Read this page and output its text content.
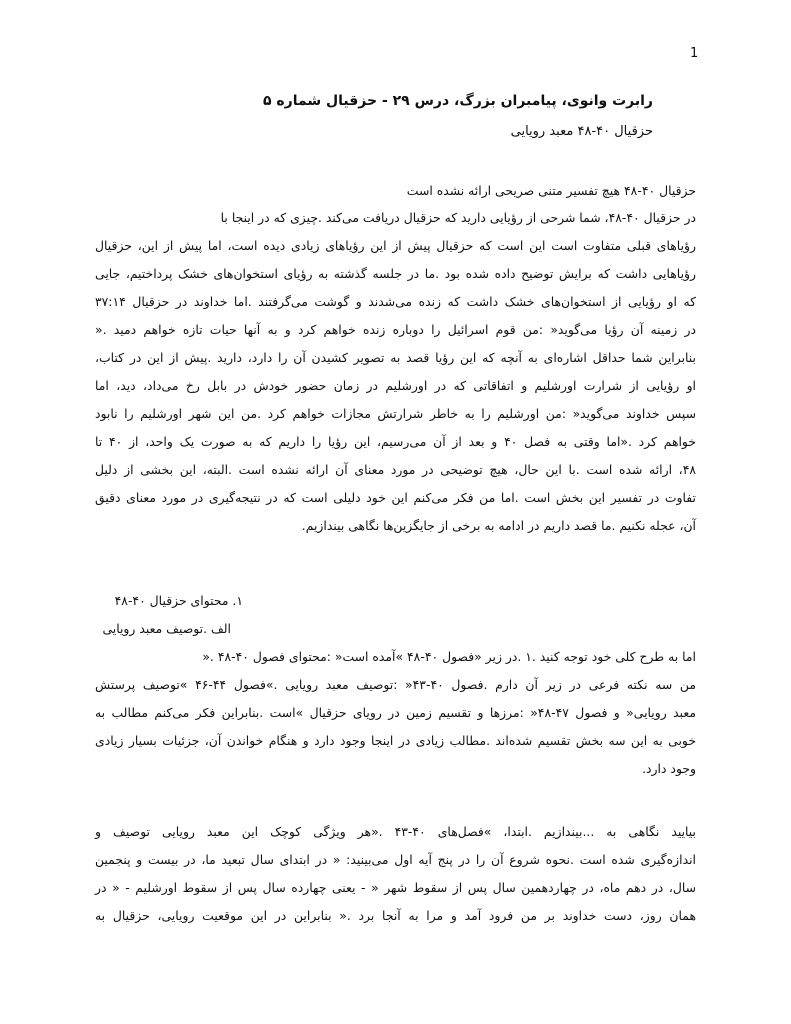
1
رابرت وانوی، پیامبران بزرگ، درس ۲۹ - حزقیال شماره ۵
حزقیال ۴۰-۴۸ معبد رویایی
حزقیال ۴۰-۴۸ هیچ تفسیر متنی صریحی ارائه نشده است
در حزقیال ۴۰-۴۸، شما شرحی از رؤیایی دارید که حزقیال دریافت می‌کند .چیزی که در اینجا با
رؤیاهای قبلی متفاوت است این است که حزقیال پیش از این رؤیاهای زیادی دیده است، اما پیش از این، حزقیال
رؤیاهایی داشت که برایش توضیح داده شده بود .ما در جلسه گذشته به رؤیای استخوان‌های خشک پرداختیم، جایی
که او رؤیایی از استخوان‌های خشک داشت که زنده می‌شدند و گوشت می‌گرفتند .اما خداوند در حزقیال ۳۷:۱۴
در زمینه آن رؤیا می‌گوید« :من قوم اسرائیل را دوباره زنده خواهم کرد و به آنها حیات تازه خواهم دمید .«
بنابراین شما حداقل اشاره‌ای به آنچه که این رؤیا قصد به تصویر کشیدن آن را دارد، دارید .پیش از این در کتاب،
او رؤیایی از شرارت اورشلیم و اتفاقاتی که در اورشلیم در زمان حضور خودش در بابل رخ می‌داد، دید، اما
سپس خداوند می‌گوید« :من اورشلیم را به خاطر شرارتش مجازات خواهم کرد .من این شهر اورشلیم را نابود
خواهم کرد .«اما وقتی به فصل ۴۰ و بعد از آن می‌رسیم، این رؤیا را داریم که به صورت یک واحد، از ۴۰ تا
۴۸، ارائه شده است .با این حال، هیچ توضیحی در مورد معنای آن ارائه نشده است .البته، این بخشی از دلیل
تفاوت در تفسیر این بخش است .اما من فکر می‌کنم این خود دلیلی است که در نتیجه‌گیری در مورد معنای دقیق
آن، عجله نکنیم .ما قصد داریم در ادامه به برخی از جایگزین‌ها نگاهی بیندازیم.
۱. محتوای حزقیال ۴۰-۴۸
الف .توصیف معبد رویایی
اما به طرح کلی خود توجه کنید .۱ .در زیر «فصول ۴۰-۴۸ »آمده است« :محتوای فصول ۴۰-۴۸ .«
من سه نکته فرعی در زیر آن دارم .فصول ۴۰-۴۳« :توصیف معبد رویایی .»فصول ۴۴-۴۶ »توصیف پرستش
معبد رویایی« و فصول ۴۷-۴۸« :مرزها و تقسیم زمین در رویای حزقیال »است .بنابراین فکر می‌کنم مطالب به
خوبی به این سه بخش تقسیم شده‌اند .مطالب زیادی در اینجا وجود دارد و هنگام خواندن آن، جزئیات بسیار زیادی
وجود دارد.
بیایید نگاهی به ...بیندازیم .ابتدا، »فصل‌های ۴۰-۴۳ .«هر ویژگی کوچک این معبد رویایی توصیف و
اندازه‌گیری شده است .نحوه شروع آن را در پنج آیه اول می‌بینید: « در ابتدای سال تبعید ما، در بیست و پنجمین
سال، در دهم ماه، در چهاردهمین سال پس از سقوط شهر « - یعنی چهارده سال پس از سقوط اورشلیم - « در
همان روز، دست خداوند بر من فرود آمد و مرا به آنجا برد .« بنابراین در این موقعیت رویایی، حزقیال به
